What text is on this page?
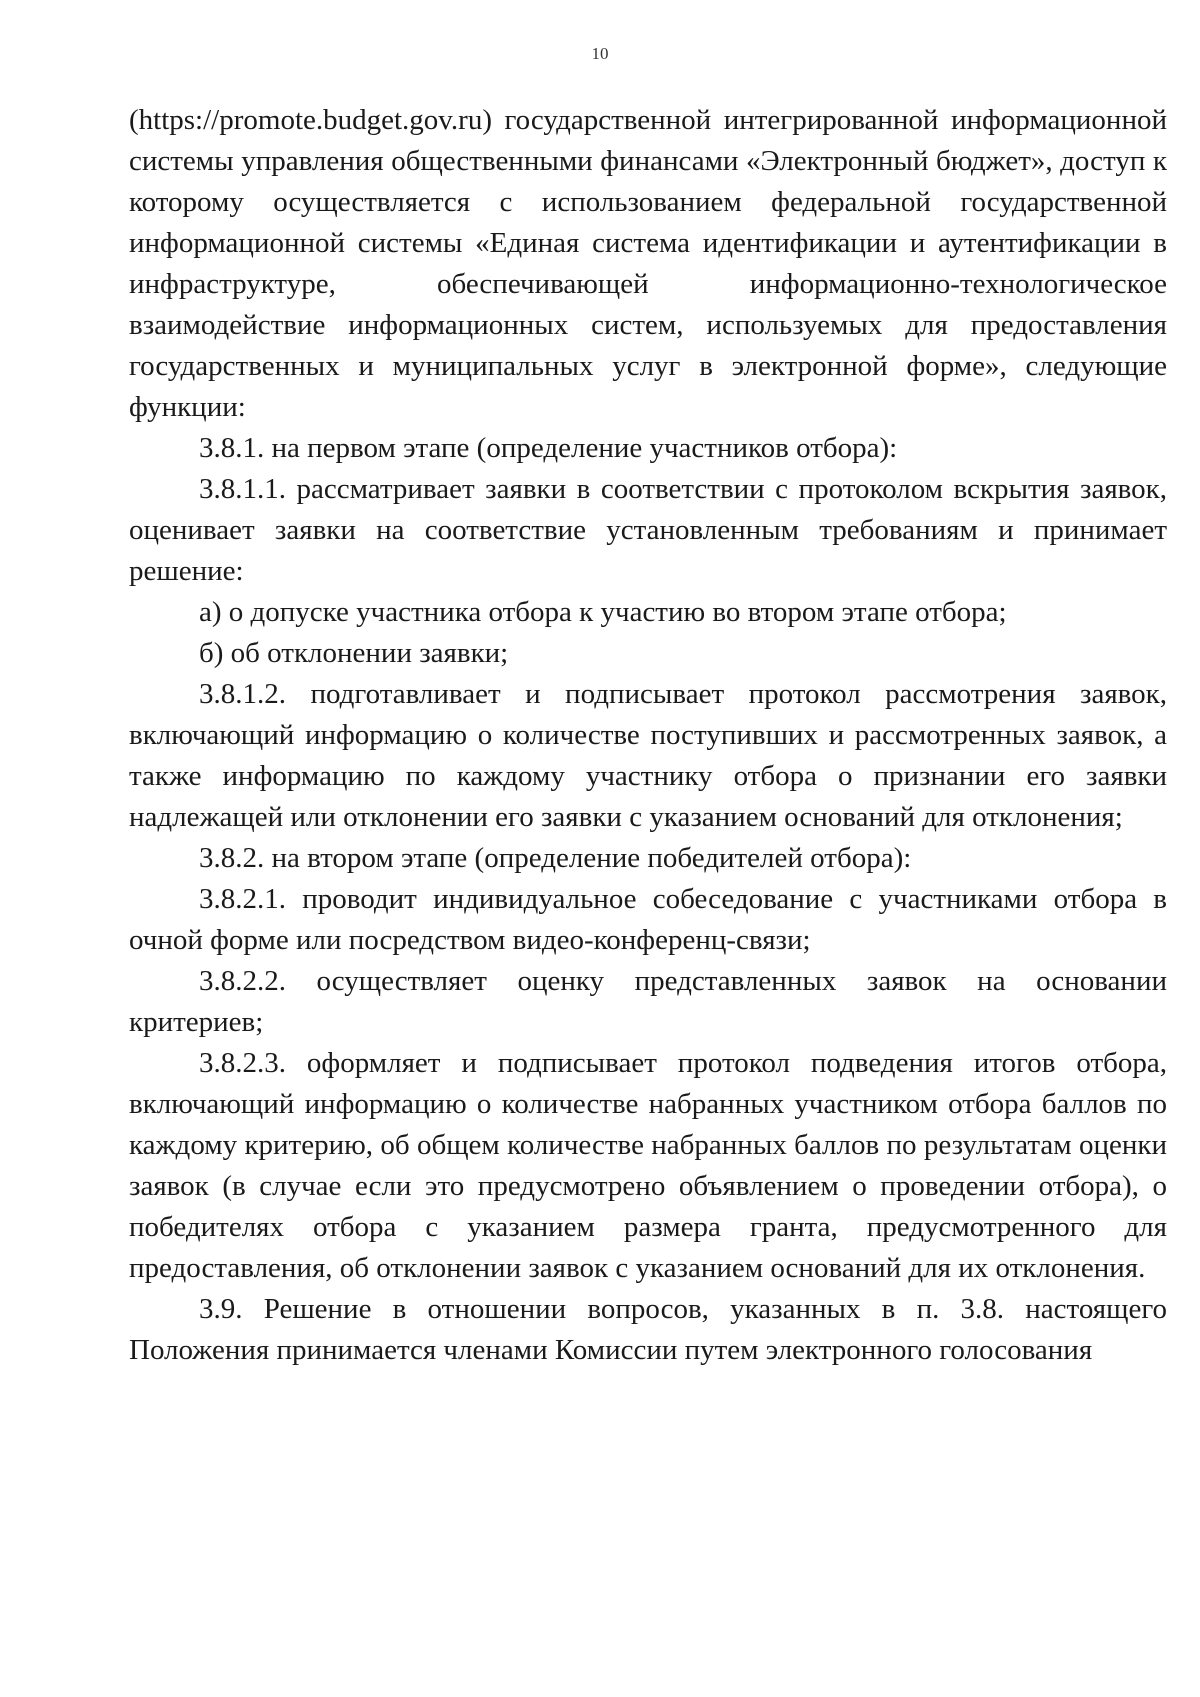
10

(https://promote.budget.gov.ru) государственной интегрированной информационной системы управления общественными финансами «Электронный бюджет», доступ к которому осуществляется с использованием федеральной государственной информационной системы «Единая система идентификации и аутентификации в инфраструктуре, обеспечивающей информационно-технологическое взаимодействие информационных систем, используемых для предоставления государственных и муниципальных услуг в электронной форме», следующие функции:

3.8.1. на первом этапе (определение участников отбора):

3.8.1.1. рассматривает заявки в соответствии с протоколом вскрытия заявок, оценивает заявки на соответствие установленным требованиям и принимает решение:

а) о допуске участника отбора к участию во втором этапе отбора;

б) об отклонении заявки;

3.8.1.2. подготавливает и подписывает протокол рассмотрения заявок, включающий информацию о количестве поступивших и рассмотренных заявок, а также информацию по каждому участнику отбора о признании его заявки надлежащей или отклонении его заявки с указанием оснований для отклонения;

3.8.2. на втором этапе (определение победителей отбора):

3.8.2.1. проводит индивидуальное собеседование с участниками отбора в очной форме или посредством видео-конференц-связи;

3.8.2.2. осуществляет оценку представленных заявок на основании критериев;

3.8.2.3. оформляет и подписывает протокол подведения итогов отбора, включающий информацию о количестве набранных участником отбора баллов по каждому критерию, об общем количестве набранных баллов по результатам оценки заявок (в случае если это предусмотрено объявлением о проведении отбора), о победителях отбора с указанием размера гранта, предусмотренного для предоставления, об отклонении заявок с указанием оснований для их отклонения.

3.9. Решение в отношении вопросов, указанных в п. 3.8. настоящего Положения принимается членами Комиссии путем электронного голосования
